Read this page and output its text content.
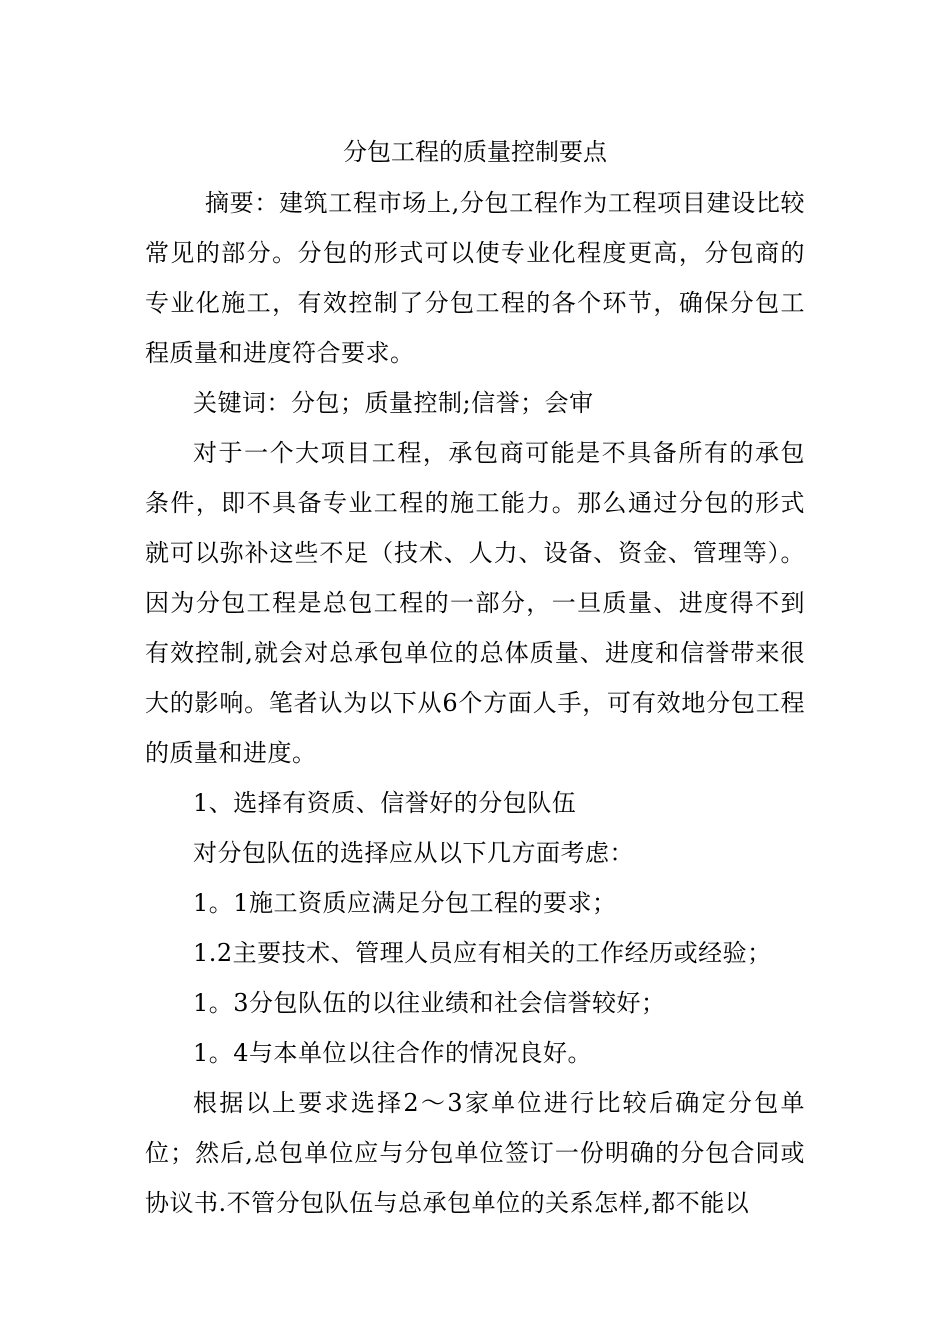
分包工程的质量控制要点

摘要：建筑工程市场上,分包工程作为工程项目建设比较常见的部分。分包的形式可以使专业化程度更高，分包商的专业化施工，有效控制了分包工程的各个环节，确保分包工程质量和进度符合要求。

关键词：分包；质量控制;信誉；会审

对于一个大项目工程，承包商可能是不具备所有的承包条件，即不具备专业工程的施工能力。那么通过分包的形式就可以弥补这些不足（技术、人力、设备、资金、管理等）。因为分包工程是总包工程的一部分，一旦质量、进度得不到有效控制,就会对总承包单位的总体质量、进度和信誉带来很大的影响。笔者认为以下从6个方面人手，可有效地分包工程的质量和进度。

1、选择有资质、信誉好的分包队伍

对分包队伍的选择应从以下几方面考虑：

1。1施工资质应满足分包工程的要求；

1.2主要技术、管理人员应有相关的工作经历或经验；

1。3分包队伍的以往业绩和社会信誉较好；

1。4与本单位以往合作的情况良好。

根据以上要求选择2～3家单位进行比较后确定分包单位；然后,总包单位应与分包单位签订一份明确的分包合同或协议书.不管分包队伍与总承包单位的关系怎样,都不能以
